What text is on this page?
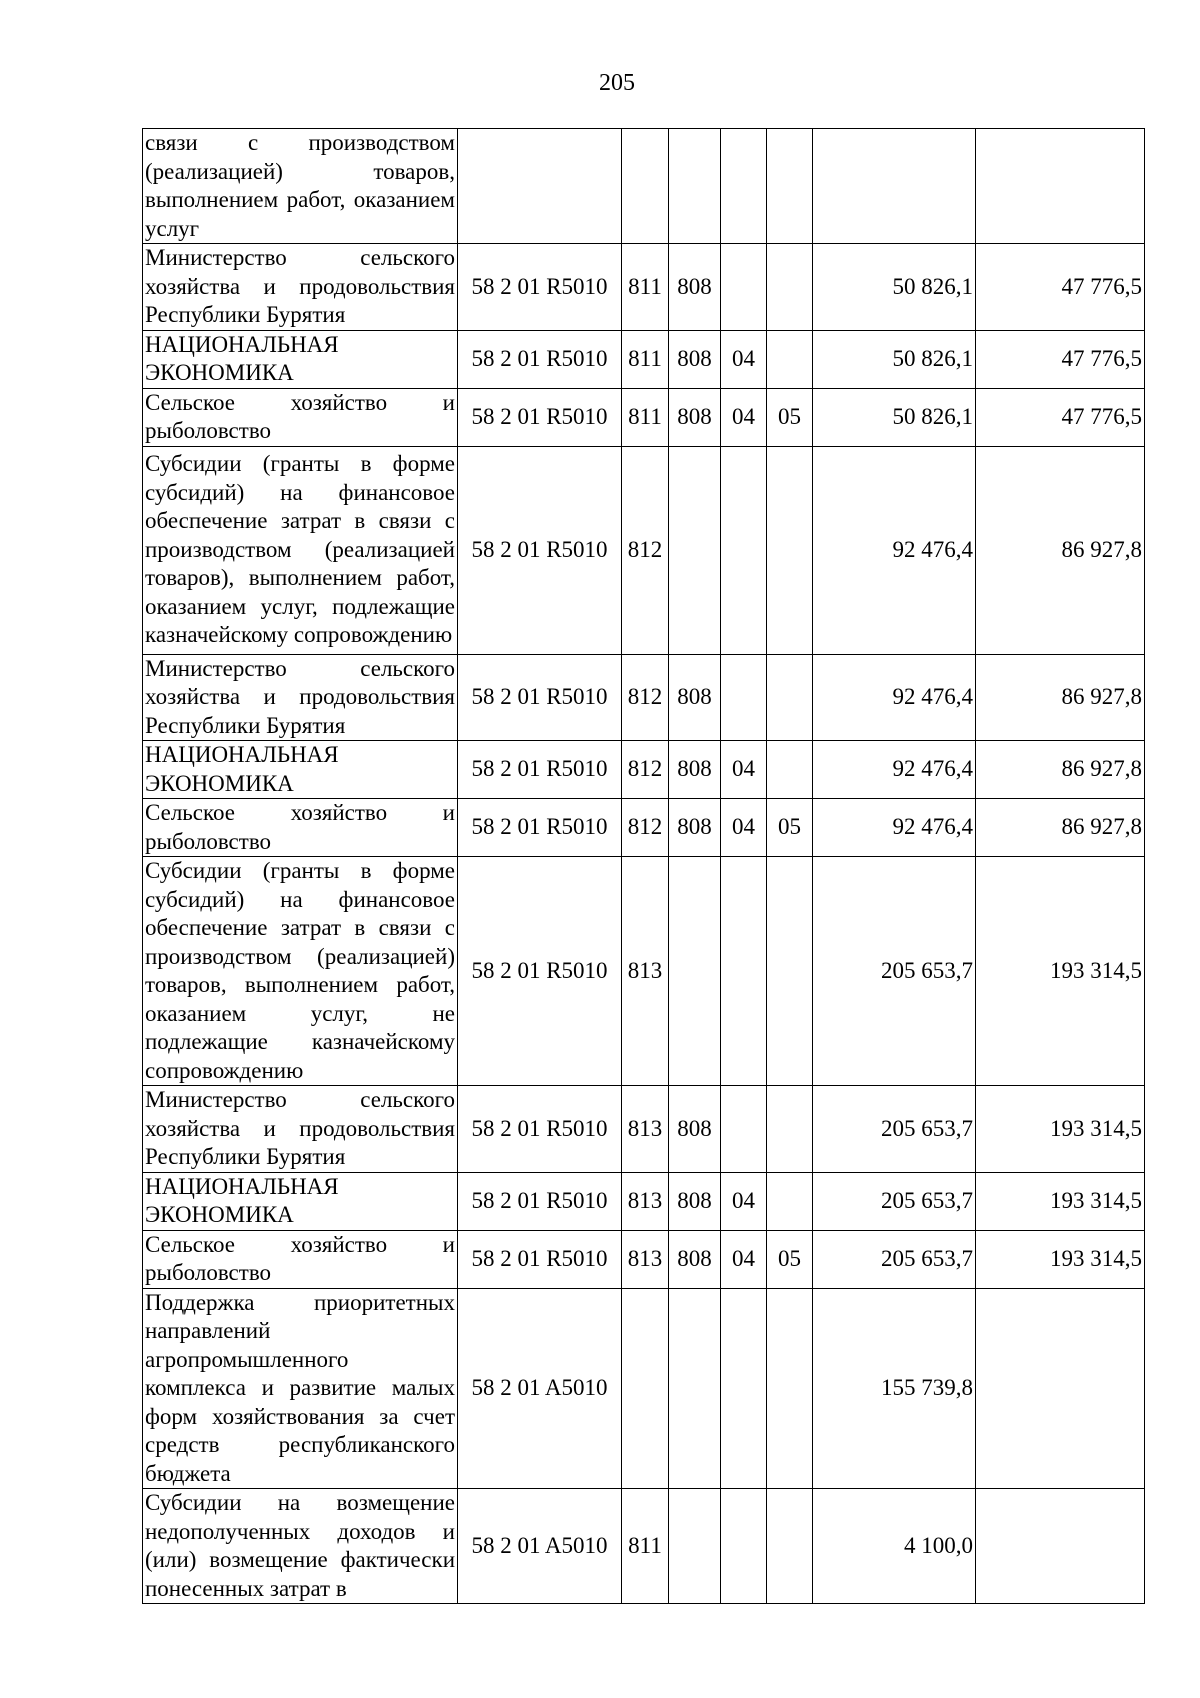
205
связи с производством (реализацией) товаров, выполнением работ, оказанием услуг							
Министерство сельского хозяйства и продовольствия Республики Бурятия	58 2 01 R5010	811	808			50 826,1	47 776,5
НАЦИОНАЛЬНАЯ ЭКОНОМИКА	58 2 01 R5010	811	808	04		50 826,1	47 776,5
Сельское хозяйство и рыболовство	58 2 01 R5010	811	808	04	05	50 826,1	47 776,5
Субсидии (гранты в форме субсидий) на финансовое обеспечение затрат в связи с производством (реализацией товаров), выполнением работ, оказанием услуг, подлежащие казначейскому сопровождению	58 2 01 R5010	812				92 476,4	86 927,8
Министерство сельского хозяйства и продовольствия Республики Бурятия	58 2 01 R5010	812	808			92 476,4	86 927,8
НАЦИОНАЛЬНАЯ ЭКОНОМИКА	58 2 01 R5010	812	808	04		92 476,4	86 927,8
Сельское хозяйство и рыболовство	58 2 01 R5010	812	808	04	05	92 476,4	86 927,8
Субсидии (гранты в форме субсидий) на финансовое обеспечение затрат в связи с производством (реализацией) товаров, выполнением работ, оказанием услуг, не подлежащие казначейскому сопровождению	58 2 01 R5010	813				205 653,7	193 314,5
Министерство сельского хозяйства и продовольствия Республики Бурятия	58 2 01 R5010	813	808			205 653,7	193 314,5
НАЦИОНАЛЬНАЯ ЭКОНОМИКА	58 2 01 R5010	813	808	04		205 653,7	193 314,5
Сельское хозяйство и рыболовство	58 2 01 R5010	813	808	04	05	205 653,7	193 314,5
Поддержка приоритетных направлений агропромышленного комплекса и развитие малых форм хозяйствования за счет средств республиканского бюджета	58 2 01 A5010					155 739,8	
Субсидии на возмещение недополученных доходов и (или) возмещение фактически понесенных затрат в	58 2 01 A5010	811				4 100,0	
